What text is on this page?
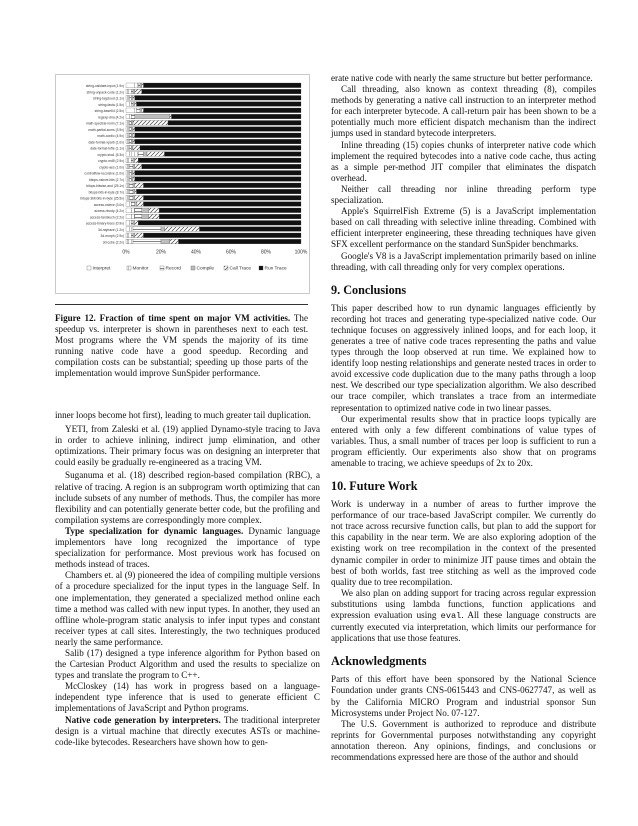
string-validate-input (1.9x)
string-unpack-code (1.2x)
string-tagcloud (1.1x)
string-fasta (1.5x)
string-base64 (2.5x)
regexp-dna (4.2x)
math-spectral-norm (7.1x)
math-partial-sums (3.9x)
math-cordic (4.9x)
date-format-xparb (1.0x)
date-format-tofte (1.1x)
crypto-sha1 (5.3x)
crypto-md5 (2.9x)
crypto-aes (1.0x)
controlflow-recursive (1.0x)
bitops-nsieve-bits (2.7x)
bitops-bitwise-and (25.1x)
bitops-bits-in-byte (8.7x)
bitops-3bit-bits-in-byte (25.5x)
access-nsieve (3.0x)
access-nbody (4.2x)
access-fannkuch (2.2x)
access-binary-trees (0.9x)
3d-raytrace (1.2x)
3d-morph (2.9x)
3d-cube (2.2x)
0%	20%	40%	60%	80%	100%
Interpret	Monitor	Record	Compile	Call Trace	Run Trace
Figure 12. Fraction of time spent on major VM activities. The speedup vs. interpreter is shown in parentheses next to each test. Most programs where the VM spends the majority of its time running native code have a good speedup. Recording and compilation costs can be substantial; speeding up those parts of the implementation would improve SunSpider performance.

inner loops become hot first), leading to much greater tail duplication.

YETI, from Zaleski et al. (19) applied Dynamo-style tracing to Java in order to achieve inlining, indirect jump elimination, and other optimizations. Their primary focus was on designing an interpreter that could easily be gradually re-engineered as a tracing VM.

Suganuma et al. (18) described region-based compilation (RBC), a relative of tracing. A region is an subprogram worth optimizing that can include subsets of any number of methods. Thus, the compiler has more flexibility and can potentially generate better code, but the profiling and compilation systems are correspondingly more complex.

Type specialization for dynamic languages. Dynamic language implementors have long recognized the importance of type specialization for performance. Most previous work has focused on methods instead of traces.

Chambers et. al (9) pioneered the idea of compiling multiple versions of a procedure specialized for the input types in the language Self. In one implementation, they generated a specialized method online each time a method was called with new input types. In another, they used an offline whole-program static analysis to infer input types and constant receiver types at call sites. Interestingly, the two techniques produced nearly the same performance.

Salib (17) designed a type inference algorithm for Python based on the Cartesian Product Algorithm and used the results to specialize on types and translate the program to C++.

McCloskey (14) has work in progress based on a language-independent type inference that is used to generate efficient C implementations of JavaScript and Python programs.

Native code generation by interpreters. The traditional interpreter design is a virtual machine that directly executes ASTs or machine-code-like bytecodes. Researchers have shown how to gen-

erate native code with nearly the same structure but better performance.

Call threading, also known as context threading (8), compiles methods by generating a native call instruction to an interpreter method for each interpreter bytecode. A call-return pair has been shown to be a potentially much more efficient dispatch mechanism than the indirect jumps used in standard bytecode interpreters.

Inline threading (15) copies chunks of interpreter native code which implement the required bytecodes into a native code cache, thus acting as a simple per-method JIT compiler that eliminates the dispatch overhead.

Neither call threading nor inline threading perform type specialization.

Apple's SquirrelFish Extreme (5) is a JavaScript implementation based on call threading with selective inline threading. Combined with efficient interpreter engineering, these threading techniques have given SFX excellent performance on the standard SunSpider benchmarks.

Google's V8 is a JavaScript implementation primarily based on inline threading, with call threading only for very complex operations.

9. Conclusions

This paper described how to run dynamic languages efficiently by recording hot traces and generating type-specialized native code. Our technique focuses on aggressively inlined loops, and for each loop, it generates a tree of native code traces representing the paths and value types through the loop observed at run time. We explained how to identify loop nesting relationships and generate nested traces in order to avoid excessive code duplication due to the many paths through a loop nest. We described our type specialization algorithm. We also described our trace compiler, which translates a trace from an intermediate representation to optimized native code in two linear passes.

Our experimental results show that in practice loops typically are entered with only a few different combinations of value types of variables. Thus, a small number of traces per loop is sufficient to run a program efficiently. Our experiments also show that on programs amenable to tracing, we achieve speedups of 2x to 20x.

10. Future Work

Work is underway in a number of areas to further improve the performance of our trace-based JavaScript compiler. We currently do not trace across recursive function calls, but plan to add the support for this capability in the near term. We are also exploring adoption of the existing work on tree recompilation in the context of the presented dynamic compiler in order to minimize JIT pause times and obtain the best of both worlds, fast tree stitching as well as the improved code quality due to tree recompilation.

We also plan on adding support for tracing across regular expression substitutions using lambda functions, function applications and expression evaluation using eval. All these language constructs are currently executed via interpretation, which limits our performance for applications that use those features.

Acknowledgments

Parts of this effort have been sponsored by the National Science Foundation under grants CNS-0615443 and CNS-0627747, as well as by the California MICRO Program and industrial sponsor Sun Microsystems under Project No. 07-127.

The U.S. Government is authorized to reproduce and distribute reprints for Governmental purposes notwithstanding any copyright annotation thereon. Any opinions, findings, and conclusions or recommendations expressed here are those of the author and should
